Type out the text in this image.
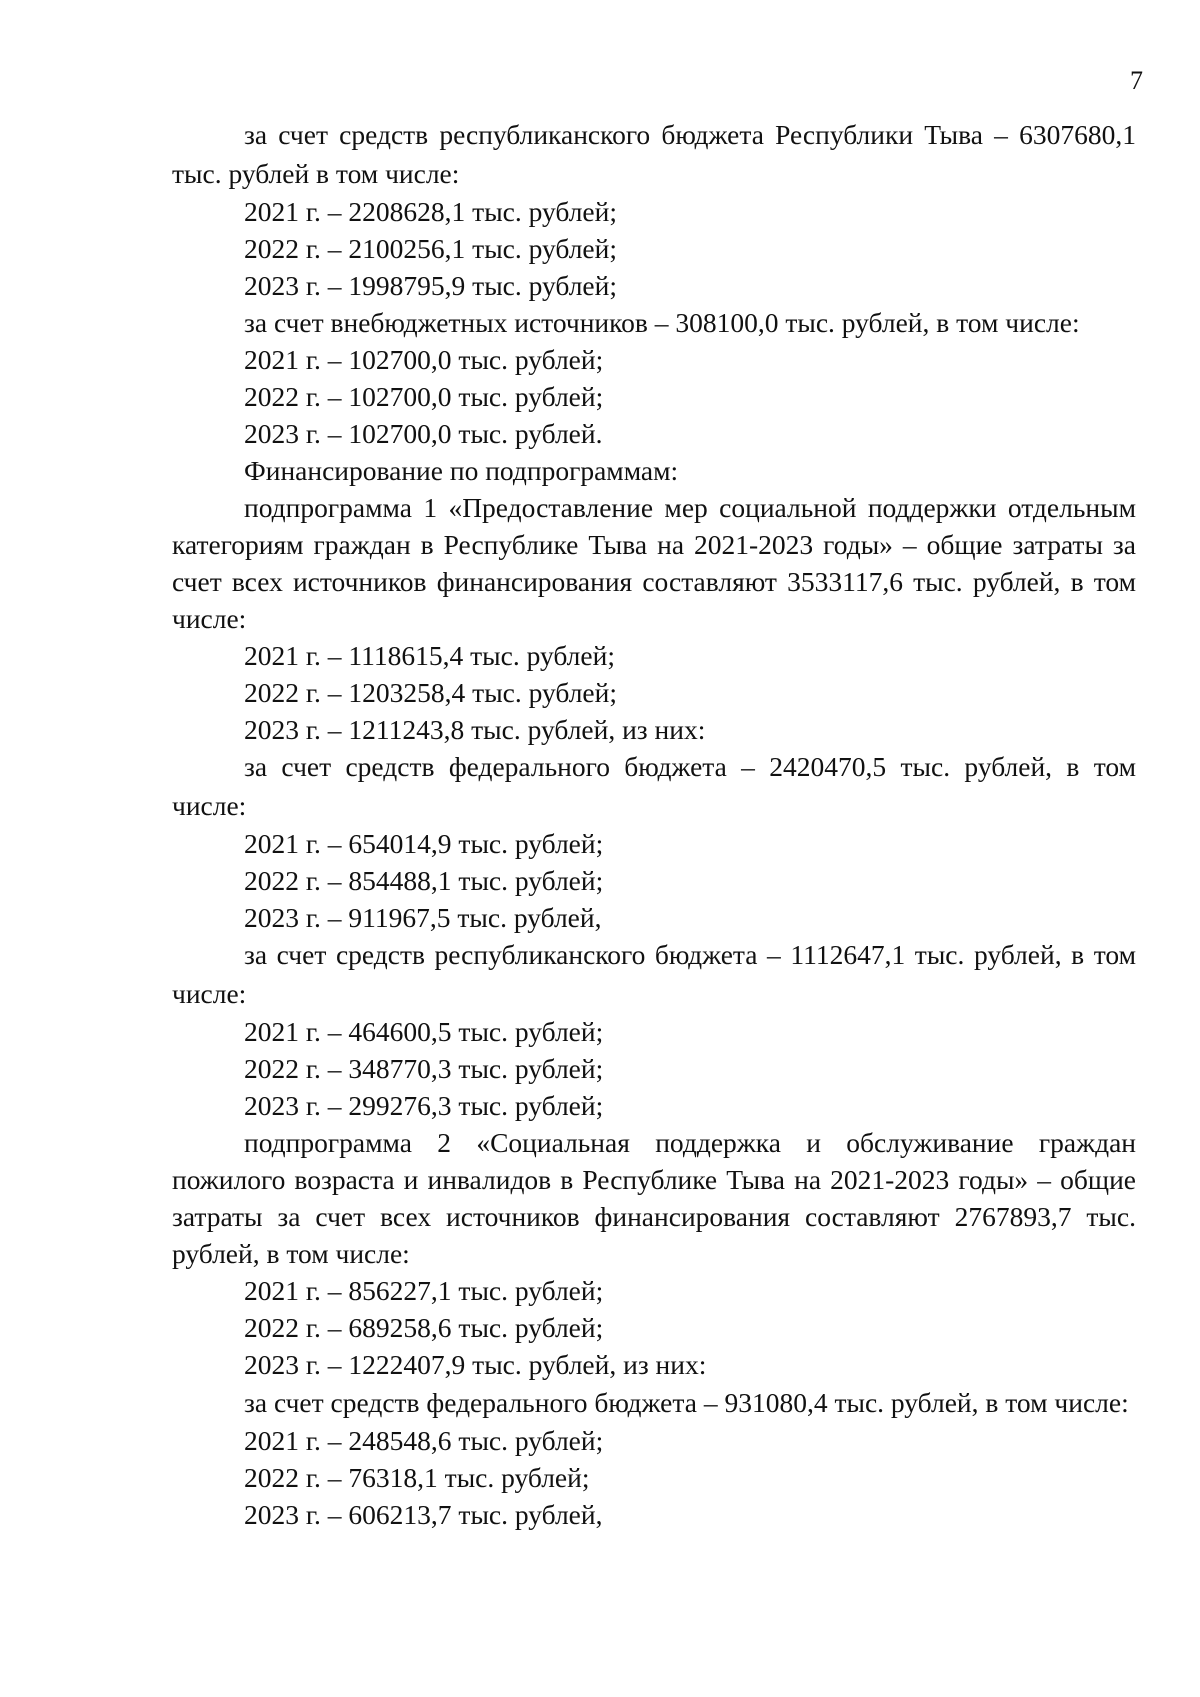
7

за счет средств республиканского бюджета Республики Тыва – 6307680,1 тыс. рублей в том числе:

2021 г. – 2208628,1 тыс. рублей;

2022 г. – 2100256,1 тыс. рублей;

2023 г. – 1998795,9 тыс. рублей;

за счет внебюджетных источников – 308100,0 тыс. рублей, в том числе:

2021 г. – 102700,0 тыс. рублей;

2022 г. – 102700,0 тыс. рублей;

2023 г. – 102700,0 тыс. рублей.

Финансирование по подпрограммам:

подпрограмма 1 «Предоставление мер социальной поддержки отдельным категориям граждан в Республике Тыва на 2021-2023 годы» – общие затраты за счет всех источников финансирования составляют 3533117,6 тыс. рублей, в том числе:

2021 г. – 1118615,4 тыс. рублей;

2022 г. – 1203258,4 тыс. рублей;

2023 г. – 1211243,8 тыс. рублей, из них:

за счет средств федерального бюджета – 2420470,5 тыс. рублей, в том числе:

2021 г. – 654014,9 тыс. рублей;

2022 г. – 854488,1 тыс. рублей;

2023 г. – 911967,5 тыс. рублей,

за счет средств республиканского бюджета – 1112647,1 тыс. рублей, в том числе:

2021 г. – 464600,5 тыс. рублей;

2022 г. – 348770,3 тыс. рублей;

2023 г. – 299276,3 тыс. рублей;

подпрограмма 2 «Социальная поддержка и обслуживание граждан пожилого возраста и инвалидов в Республике Тыва на 2021-2023 годы» – общие затраты за счет всех источников финансирования составляют 2767893,7 тыс. рублей, в том числе:

2021 г. – 856227,1 тыс. рублей;

2022 г. – 689258,6 тыс. рублей;

2023 г. – 1222407,9 тыс. рублей, из них:

за счет средств федерального бюджета – 931080,4 тыс. рублей, в том числе:

2021 г. – 248548,6 тыс. рублей;

2022 г. – 76318,1 тыс. рублей;

2023 г. – 606213,7 тыс. рублей,
